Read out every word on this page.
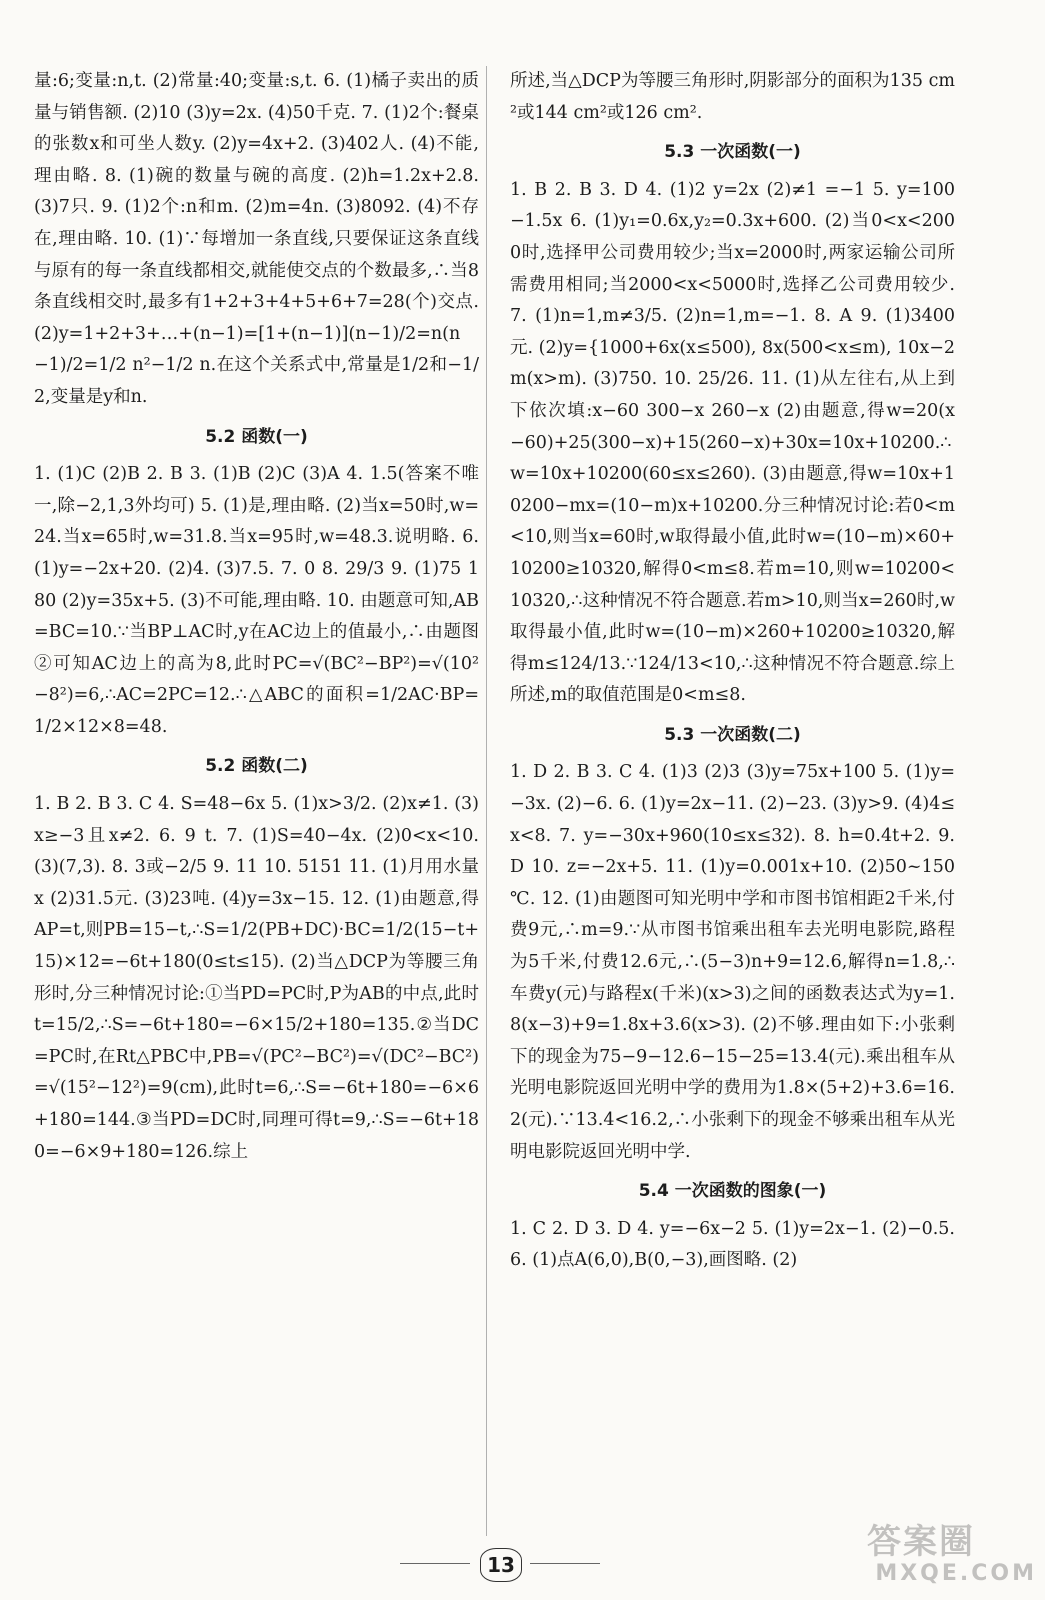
量:6;变量:n,t. (2)常量:40;变量:s,t. 6. (1)橘子卖出的质量与销售额. (2)10 (3)y=2x. (4)50千克. 7. (1)2个:餐桌的张数x和可坐人数y. (2)y=4x+2. (3)402人. (4)不能,理由略. 8. (1)碗的数量与碗的高度. (2)h=1.2x+2.8. (3)7只. 9. (1)2个:n和m. (2)m=4n. (3)8092. (4)不存在,理由略. 10. (1)∵每增加一条直线,只要保证这条直线与原有的每一条直线都相交,就能使交点的个数最多,∴当8条直线相交时,最多有1+2+3+4+5+6+7=28(个)交点. (2)y=1+2+3+…+(n−1)=[1+(n−1)](n−1)/2=n(n−1)/2=1/2 n²−1/2 n.在这个关系式中,常量是1/2和−1/2,变量是y和n.

5.2 函数(一)

1. (1)C (2)B 2. B 3. (1)B (2)C (3)A 4. 1.5(答案不唯一,除−2,1,3外均可) 5. (1)是,理由略. (2)当x=50时,w=24.当x=65时,w=31.8.当x=95时,w=48.3.说明略. 6. (1)y=−2x+20. (2)4. (3)7.5. 7. 0 8. 29/3 9. (1)75 180 (2)y=35x+5. (3)不可能,理由略. 10. 由题意可知,AB=BC=10.∵当BP⊥AC时,y在AC边上的值最小,∴由题图②可知AC边上的高为8,此时PC=√(BC²−BP²)=√(10²−8²)=6,∴AC=2PC=12.∴△ABC的面积=1/2AC·BP=1/2×12×8=48.

5.2 函数(二)

1. B 2. B 3. C 4. S=48−6x 5. (1)x>3/2. (2)x≠1. (3)x≥−3且x≠2. 6. 9 t. 7. (1)S=40−4x. (2)0<x<10. (3)(7,3). 8. 3或−2/5 9. 11 10. 5151 11. (1)月用水量x (2)31.5元. (3)23吨. (4)y=3x−15. 12. (1)由题意,得AP=t,则PB=15−t,∴S=1/2(PB+DC)·BC=1/2(15−t+15)×12=−6t+180(0≤t≤15). (2)当△DCP为等腰三角形时,分三种情况讨论:①当PD=PC时,P为AB的中点,此时t=15/2,∴S=−6t+180=−6×15/2+180=135.②当DC=PC时,在Rt△PBC中,PB=√(PC²−BC²)=√(DC²−BC²)=√(15²−12²)=9(cm),此时t=6,∴S=−6t+180=−6×6+180=144.③当PD=DC时,同理可得t=9,∴S=−6t+180=−6×9+180=126.综上

所述,当△DCP为等腰三角形时,阴影部分的面积为135 cm²或144 cm²或126 cm².

5.3 一次函数(一)

1. B 2. B 3. D 4. (1)2 y=2x (2)≠1 =−1 5. y=100−1.5x 6. (1)y₁=0.6x,y₂=0.3x+600. (2)当0<x<2000时,选择甲公司费用较少;当x=2000时,两家运输公司所需费用相同;当2000<x<5000时,选择乙公司费用较少. 7. (1)n=1,m≠3/5. (2)n=1,m=−1. 8. A 9. (1)3400元. (2)y={1000+6x(x≤500), 8x(500<x≤m), 10x−2m(x>m). (3)750. 10. 25/26. 11. (1)从左往右,从上到下依次填:x−60 300−x 260−x (2)由题意,得w=20(x−60)+25(300−x)+15(260−x)+30x=10x+10200.∴w=10x+10200(60≤x≤260). (3)由题意,得w=10x+10200−mx=(10−m)x+10200.分三种情况讨论:若0<m<10,则当x=60时,w取得最小值,此时w=(10−m)×60+10200≥10320,解得0<m≤8.若m=10,则w=10200<10320,∴这种情况不符合题意.若m>10,则当x=260时,w取得最小值,此时w=(10−m)×260+10200≥10320,解得m≤124/13.∵124/13<10,∴这种情况不符合题意.综上所述,m的取值范围是0<m≤8.

5.3 一次函数(二)

1. D 2. B 3. C 4. (1)3 (2)3 (3)y=75x+100 5. (1)y=−3x. (2)−6. 6. (1)y=2x−11. (2)−23. (3)y>9. (4)4≤x<8. 7. y=−30x+960(10≤x≤32). 8. h=0.4t+2. 9. D 10. z=−2x+5. 11. (1)y=0.001x+10. (2)50~150 ℃. 12. (1)由题图可知光明中学和市图书馆相距2千米,付费9元,∴m=9.∵从市图书馆乘出租车去光明电影院,路程为5千米,付费12.6元,∴(5−3)n+9=12.6,解得n=1.8,∴车费y(元)与路程x(千米)(x>3)之间的函数表达式为y=1.8(x−3)+9=1.8x+3.6(x>3). (2)不够.理由如下:小张剩下的现金为75−9−12.6−15−25=13.4(元).乘出租车从光明电影院返回光明中学的费用为1.8×(5+2)+3.6=16.2(元).∵13.4<16.2,∴小张剩下的现金不够乘出租车从光明电影院返回光明中学.

5.4 一次函数的图象(一)

1. C 2. D 3. D 4. y=−6x−2 5. (1)y=2x−1. (2)−0.5. 6. (1)点A(6,0),B(0,−3),画图略. (2)

13
答案圈
MXQE.COM
